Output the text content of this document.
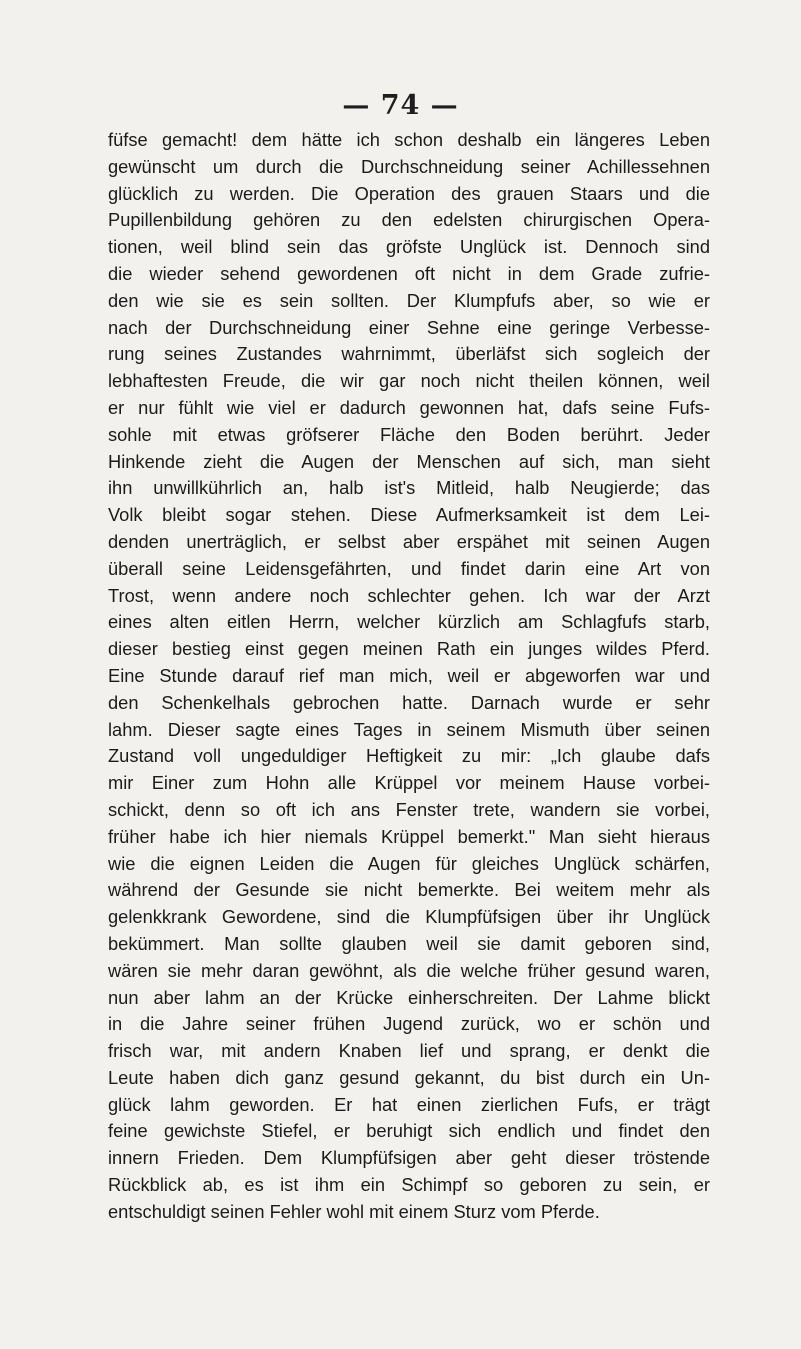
— 74 —
füfse gemacht! dem hätte ich schon deshalb ein längeres Leben
gewünscht um durch die Durchschneidung seiner Achillessehnen
glücklich zu werden. Die Operation des grauen Staars und die
Pupillenbildung gehören zu den edelsten chirurgischen Opera-
tionen, weil blind sein das gröfste Unglück ist. Dennoch sind
die wieder sehend gewordenen oft nicht in dem Grade zufrie-
den wie sie es sein sollten. Der Klumpfufs aber, so wie er
nach der Durchschneidung einer Sehne eine geringe Verbesse-
rung seines Zustandes wahrnimmt, überläfst sich sogleich der
lebhaftesten Freude, die wir gar noch nicht theilen können, weil
er nur fühlt wie viel er dadurch gewonnen hat, dafs seine Fufs-
sohle mit etwas gröfserer Fläche den Boden berührt. Jeder
Hinkende zieht die Augen der Menschen auf sich, man sieht
ihn unwillkührlich an, halb ist's Mitleid, halb Neugierde; das
Volk bleibt sogar stehen. Diese Aufmerksamkeit ist dem Lei-
denden unerträglich, er selbst aber erspähet mit seinen Augen
überall seine Leidensgefährten, und findet darin eine Art von
Trost, wenn andere noch schlechter gehen. Ich war der Arzt
eines alten eitlen Herrn, welcher kürzlich am Schlagfufs starb,
dieser bestieg einst gegen meinen Rath ein junges wildes Pferd.
Eine Stunde darauf rief man mich, weil er abgeworfen war und
den Schenkelhals gebrochen hatte. Darnach wurde er sehr
lahm. Dieser sagte eines Tages in seinem Mismuth über seinen
Zustand voll ungeduldiger Heftigkeit zu mir: „Ich glaube dafs
mir Einer zum Hohn alle Krüppel vor meinem Hause vorbei-
schickt, denn so oft ich ans Fenster trete, wandern sie vorbei,
früher habe ich hier niemals Krüppel bemerkt." Man sieht hieraus
wie die eignen Leiden die Augen für gleiches Unglück schärfen,
während der Gesunde sie nicht bemerkte. Bei weitem mehr als
gelenkkrank Gewordene, sind die Klumpfüfsigen über ihr Unglück
bekümmert. Man sollte glauben weil sie damit geboren sind,
wären sie mehr daran gewöhnt, als die welche früher gesund waren,
nun aber lahm an der Krücke einherschreiten. Der Lahme blickt
in die Jahre seiner frühen Jugend zurück, wo er schön und
frisch war, mit andern Knaben lief und sprang, er denkt die
Leute haben dich ganz gesund gekannt, du bist durch ein Un-
glück lahm geworden. Er hat einen zierlichen Fufs, er trägt
feine gewichste Stiefel, er beruhigt sich endlich und findet den
innern Frieden. Dem Klumpfüfsigen aber geht dieser tröstende
Rückblick ab, es ist ihm ein Schimpf so geboren zu sein, er
entschuldigt seinen Fehler wohl mit einem Sturz vom Pferde.
